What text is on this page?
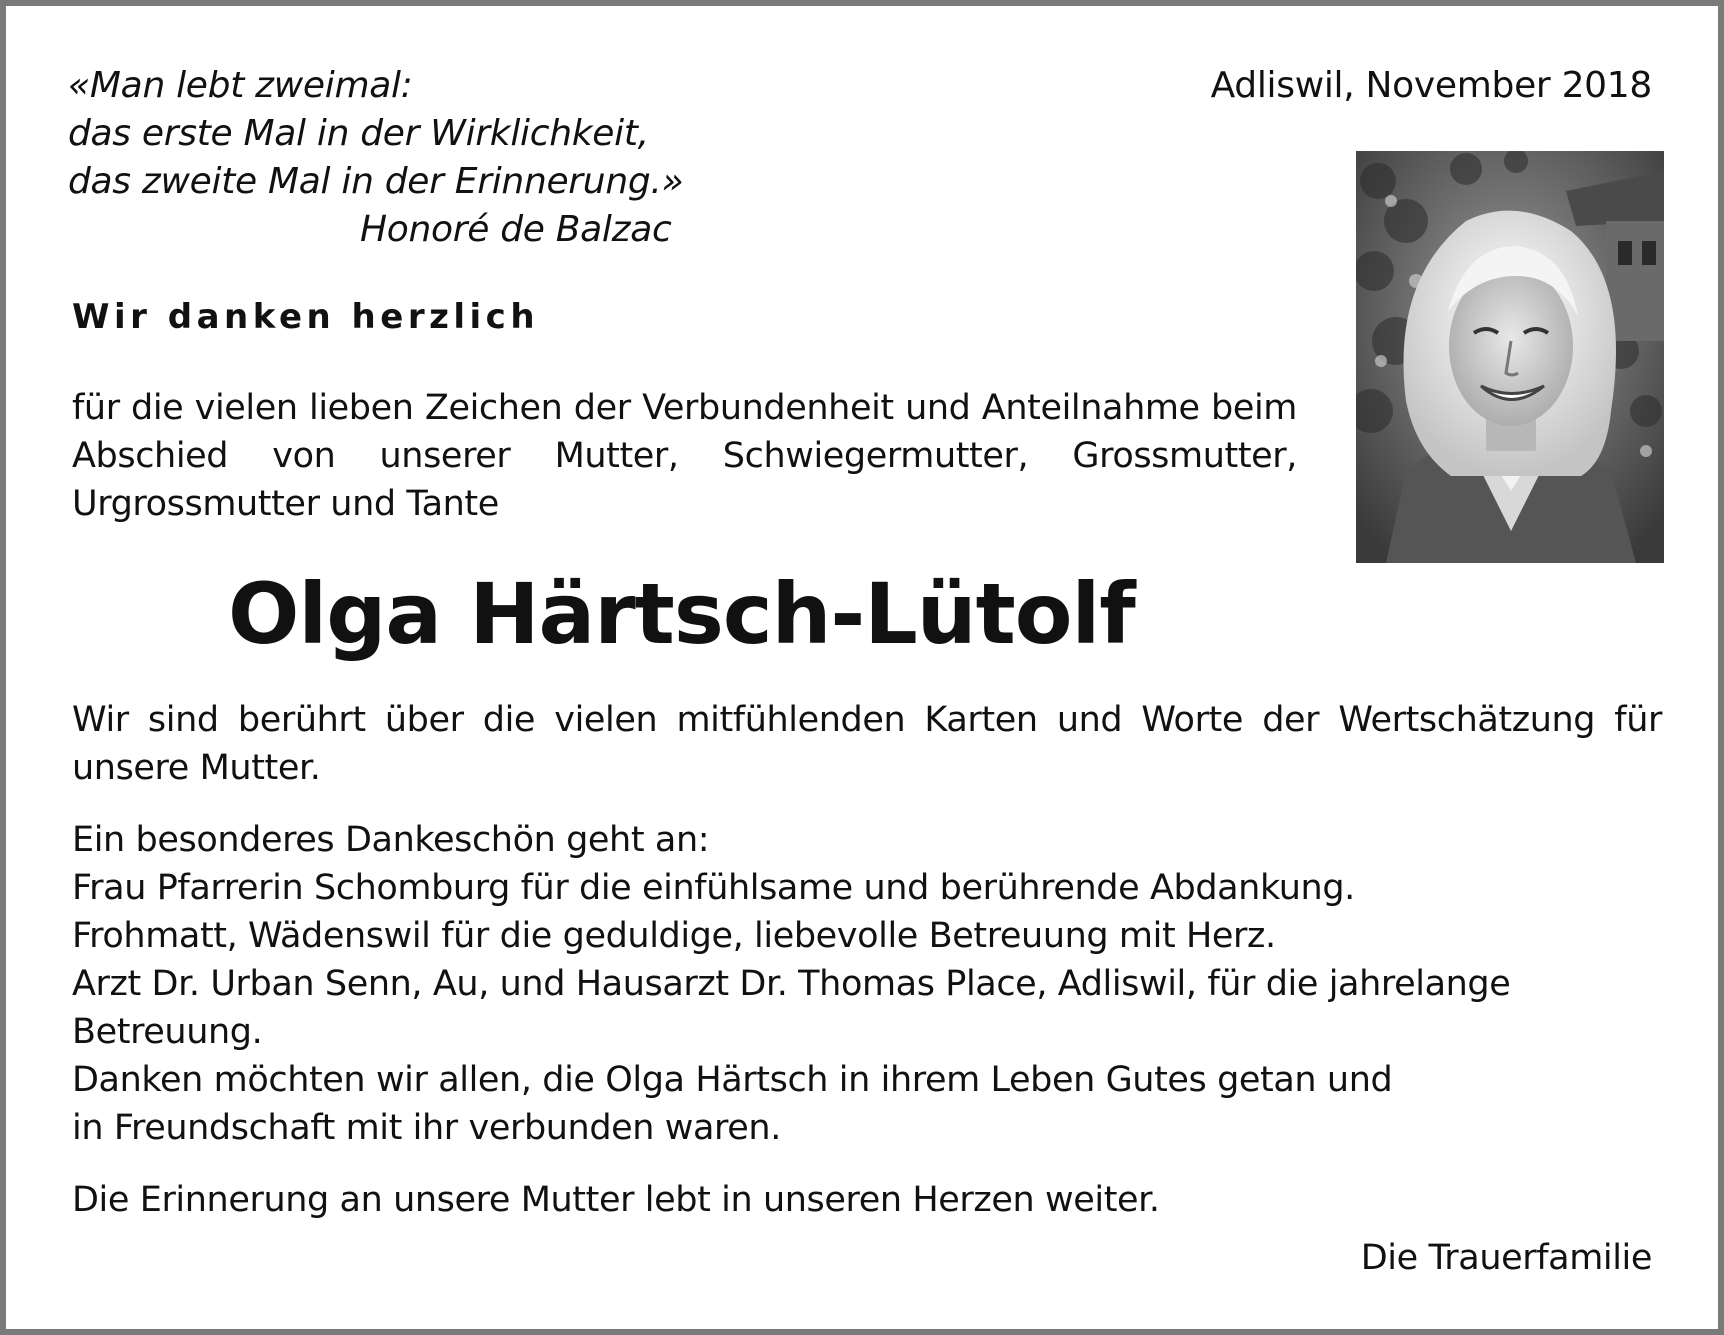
«Man lebt zweimal:
das erste Mal in der Wirklichkeit,
das zweite Mal in der Erinnerung.»
Honoré de Balzac
Adliswil, November 2018
Wir danken herzlich
für die vielen lieben Zeichen der Verbundenheit und Anteilnahme beim Abschied von unserer Mutter, Schwiegermutter, Grossmutter, Urgrossmutter und Tante
Olga Härtsch-Lütolf
Wir sind berührt über die vielen mitfühlenden Karten und Worte der Wertschätzung für unsere Mutter.
Ein besonderes Dankeschön geht an:
Frau Pfarrerin Schomburg für die einfühlsame und berührende Abdankung.
Frohmatt, Wädenswil für die geduldige, liebevolle Betreuung mit Herz.
Arzt Dr. Urban Senn, Au, und Hausarzt Dr. Thomas Place, Adliswil, für die jahrelange
Betreuung.
Danken möchten wir allen, die Olga Härtsch in ihrem Leben Gutes getan und
in Freundschaft mit ihr verbunden waren.
Die Erinnerung an unsere Mutter lebt in unseren Herzen weiter.
Die Trauerfamilie
